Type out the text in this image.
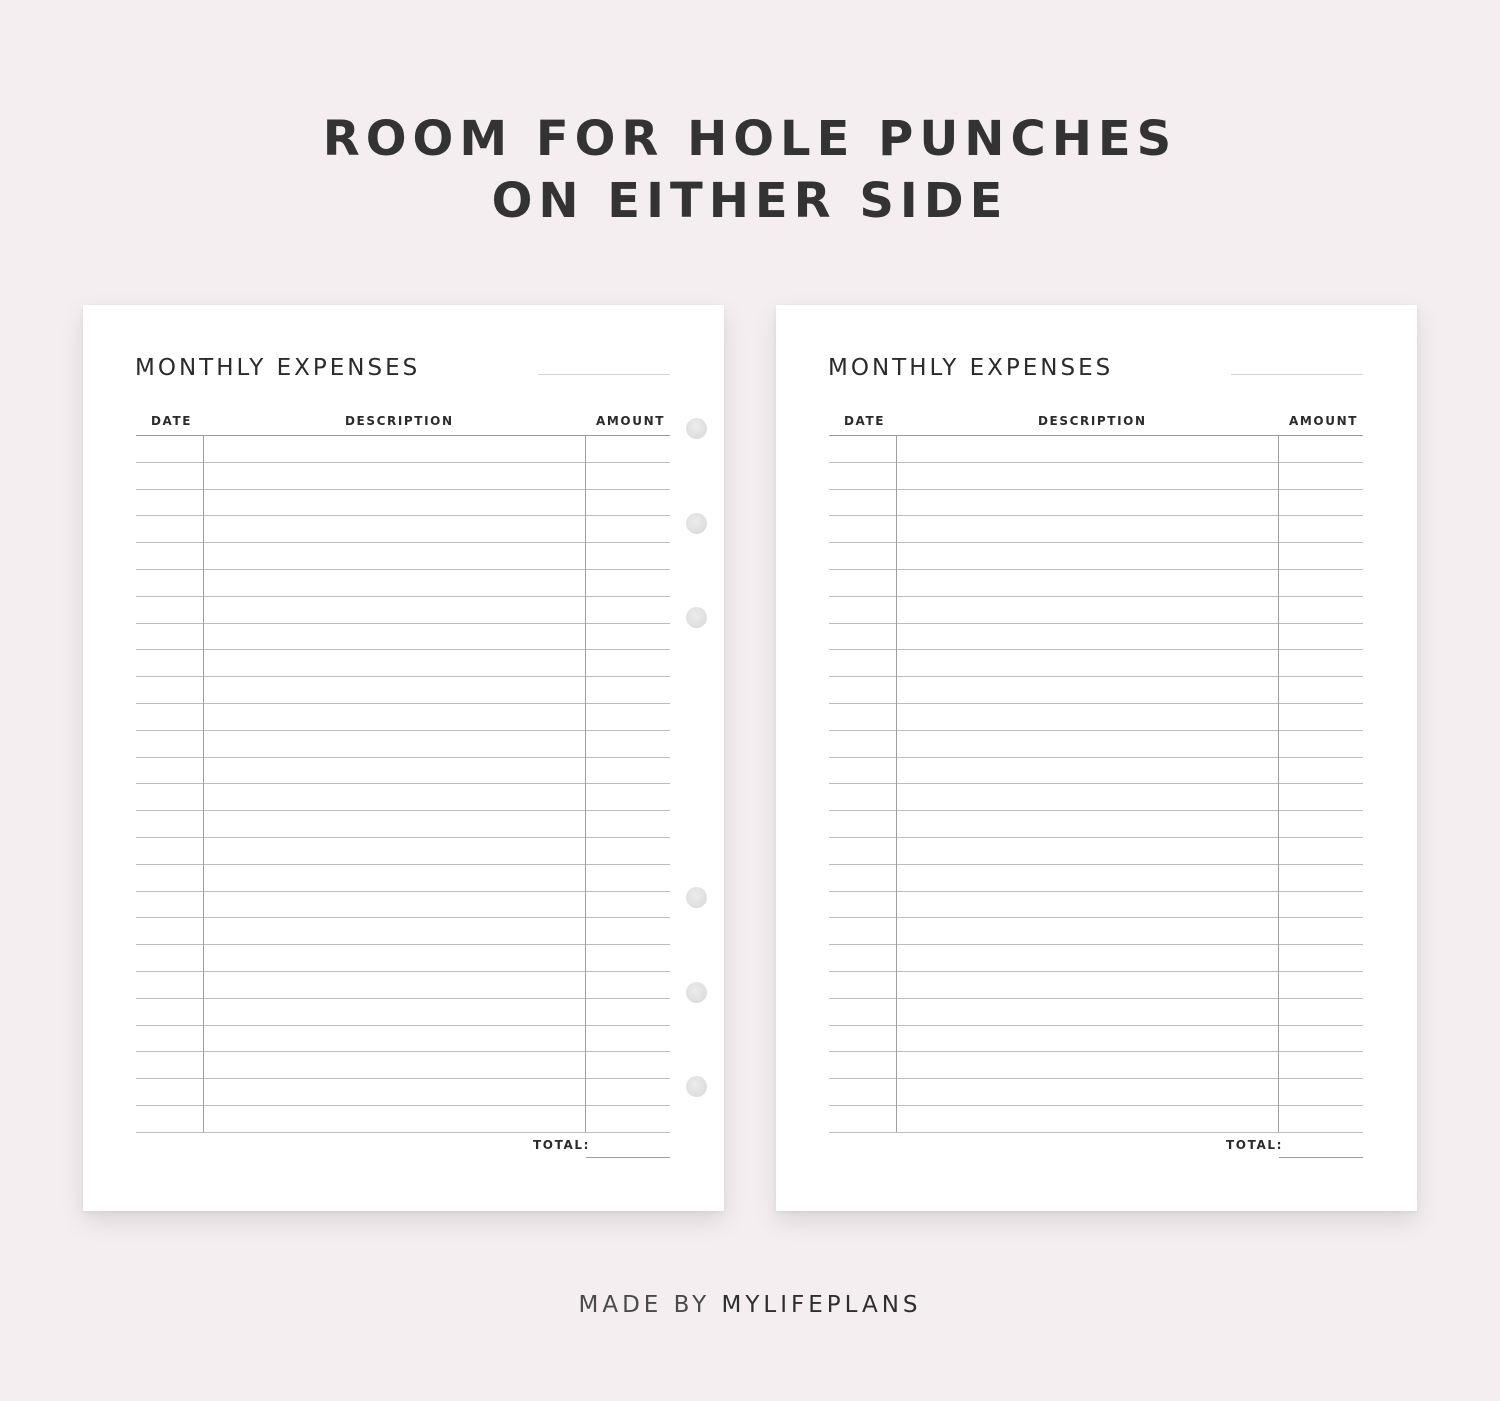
ROOM FOR HOLE PUNCHES
ON EITHER SIDE
MONTHLY EXPENSES
DATE	DESCRIPTION	AMOUNT
TOTAL:
MONTHLY EXPENSES
DATE	DESCRIPTION	AMOUNT
TOTAL:
MADE BY MYLIFEPLANS
